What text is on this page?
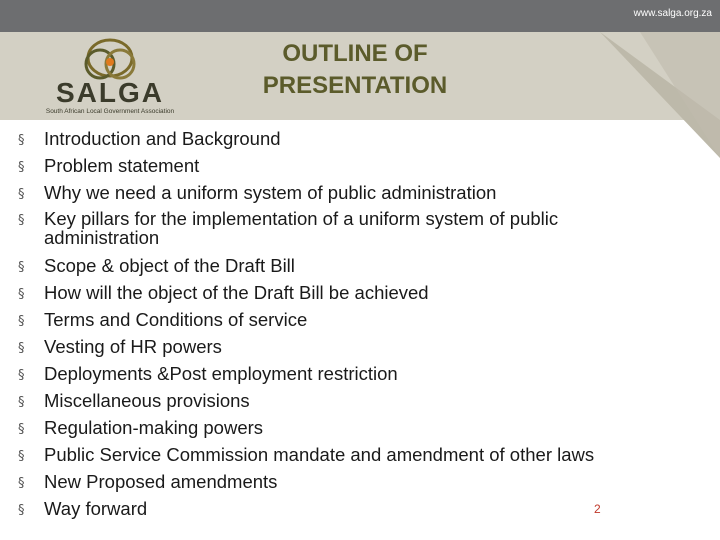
www.salga.org.za
SALGA
South African Local Government Association
OUTLINE OF
PRESENTATION
§ Introduction and Background
§ Problem statement
§ Why we need a uniform system of public administration
§ Key pillars for the implementation of a uniform system of public administration
§ Scope & object of the Draft Bill
§ How will the object of the Draft Bill be achieved
§ Terms and Conditions of service
§ Vesting of HR powers
§ Deployments &Post employment restriction
§ Miscellaneous provisions
§ Regulation-making powers
§ Public Service Commission mandate and amendment of other laws
§ New Proposed amendments
§ Way forward	2
